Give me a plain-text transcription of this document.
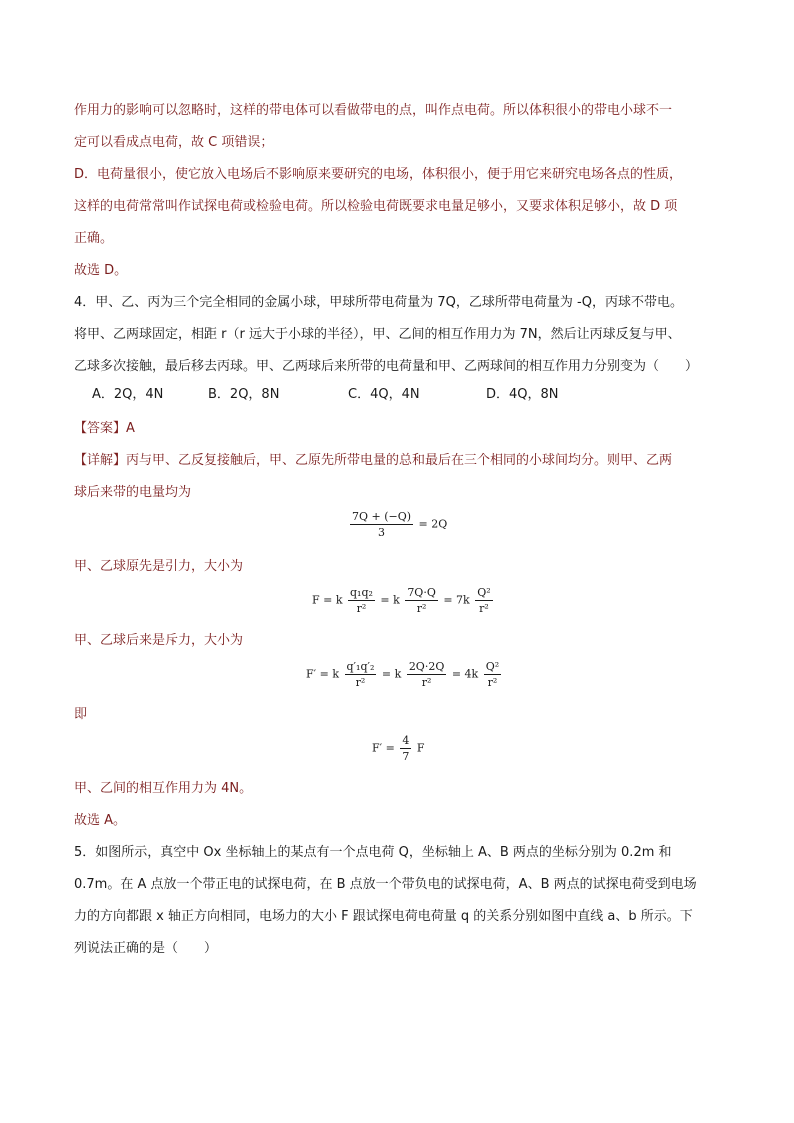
作用力的影响可以忽略时，这样的带电体可以看做带电的点，叫作点电荷。所以体积很小的带电小球不一
定可以看成点电荷，故 C 项错误；
D．电荷量很小，使它放入电场后不影响原来要研究的电场，体积很小，便于用它来研究电场各点的性质，
这样的电荷常常叫作试探电荷或检验电荷。所以检验电荷既要求电量足够小，又要求体积足够小，故 D 项
正确。
故选 D。
4．甲、乙、丙为三个完全相同的金属小球，甲球所带电荷量为 7Q，乙球所带电荷量为 -Q，丙球不带电。
将甲、乙两球固定，相距 r（r 远大于小球的半径），甲、乙间的相互作用力为 7N，然后让丙球反复与甲、
乙球多次接触，最后移去丙球。甲、乙两球后来所带的电荷量和甲、乙两球间的相互作用力分别变为（　　）
A．2Q，4N	B．2Q，8N	C．4Q，4N	D．4Q，8N
【答案】A
【详解】丙与甲、乙反复接触后，甲、乙原先所带电量的总和最后在三个相同的小球间均分。则甲、乙两
球后来带的电量均为
$\frac{7Q + (-Q)}{3} = 2Q$
甲、乙球原先是引力，大小为
F = k $\frac{\text{q₁q₂}}{\text{r²}} = k \frac{7Q\cdot Q}{\text{r²}} = 7k \frac{\text{Q²}}{\text{r²}}$
甲、乙球后来是斥力，大小为
F′ = k $\frac{\text{q′₁q′₂}}{\text{r²}} = k \frac{2Q\cdot 2Q}{\text{r²}} = 4k \frac{\text{Q²}}{\text{r²}}$
即
$F' = \frac{4}{7}$ F
甲、乙间的相互作用力为 4N。
故选 A。
5．如图所示，真空中 Ox 坐标轴上的某点有一个点电荷 Q，坐标轴上 A、B 两点的坐标分别为 0.2m 和
0.7m。在 A 点放一个带正电的试探电荷，在 B 点放一个带负电的试探电荷，A、B 两点的试探电荷受到电场
力的方向都跟 x 轴正方向相同，电场力的大小 F 跟试探电荷电荷量 q 的关系分别如图中直线 a、b 所示。下
列说法正确的是（　　）
